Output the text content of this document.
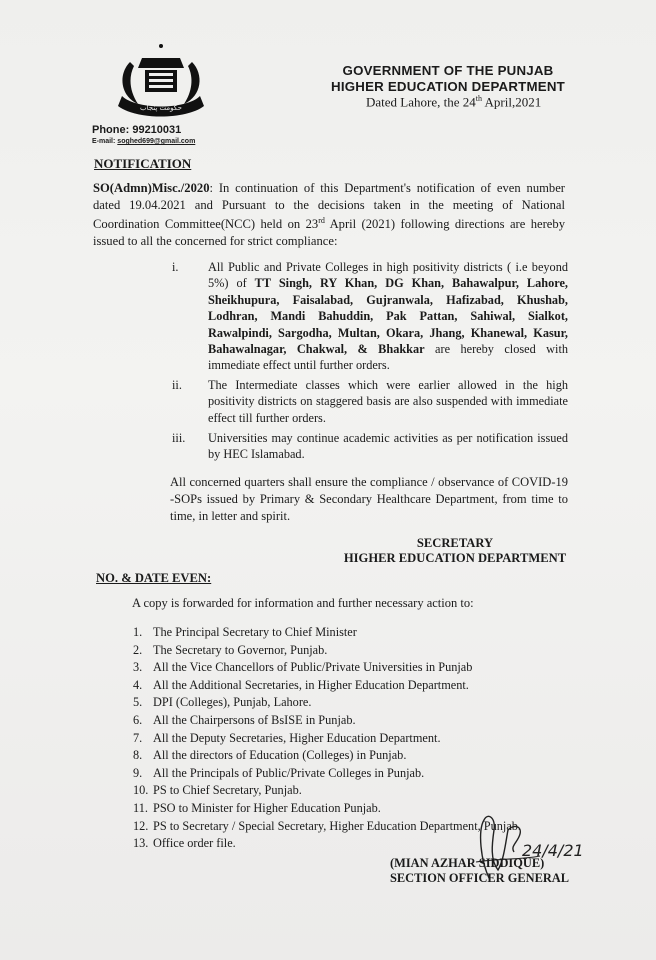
حکومت پنجاب
GOVERNMENT OF THE PUNJAB
HIGHER EDUCATION DEPARTMENT
Dated Lahore, the 24th April,2021
Phone: 99210031
E-mail: soghed699@gmail.com
NOTIFICATION
SO(Admn)Misc./2020: In continuation of this Department's notification of even number dated 19.04.2021 and Pursuant to the decisions taken in the meeting of National Coordination Committee(NCC) held on 23rd April (2021) following directions are hereby issued to all the concerned for strict compliance:
i. All Public and Private Colleges in high positivity districts ( i.e beyond 5%) of TT Singh, RY Khan, DG Khan, Bahawalpur, Lahore, Sheikhupura, Faisalabad, Gujranwala, Hafizabad, Khushab, Lodhran, Mandi Bahuddin, Pak Pattan, Sahiwal, Sialkot, Rawalpindi, Sargodha, Multan, Okara, Jhang, Khanewal, Kasur, Bahawalnagar, Chakwal, & Bhakkar are hereby closed with immediate effect until further orders.
ii. The Intermediate classes which were earlier allowed in the high positivity districts on staggered basis are also suspended with immediate effect till further orders.
iii. Universities may continue academic activities as per notification issued by HEC Islamabad.
All concerned quarters shall ensure the compliance / observance of COVID-19 -SOPs issued by Primary & Secondary Healthcare Department, from time to time, in letter and spirit.
SECRETARY
HIGHER EDUCATION DEPARTMENT
NO. & DATE EVEN:
A copy is forwarded for information and further necessary action to:
1. The Principal Secretary to Chief Minister
2. The Secretary to Governor, Punjab.
3. All the Vice Chancellors of Public/Private Universities in Punjab
4. All the Additional Secretaries, in Higher Education Department.
5. DPI (Colleges), Punjab, Lahore.
6. All the Chairpersons of BsISE in Punjab.
7. All the Deputy Secretaries, Higher Education Department.
8. All the directors of Education (Colleges) in Punjab.
9. All the Principals of Public/Private Colleges in Punjab.
10. PS to Chief Secretary, Punjab.
11. PSO to Minister for Higher Education Punjab.
12. PS to Secretary / Special Secretary, Higher Education Department, Punjab.
13. Office order file.	24/4/21
(MIAN AZHAR SIDDIQUE)
SECTION OFFICER GENERAL
